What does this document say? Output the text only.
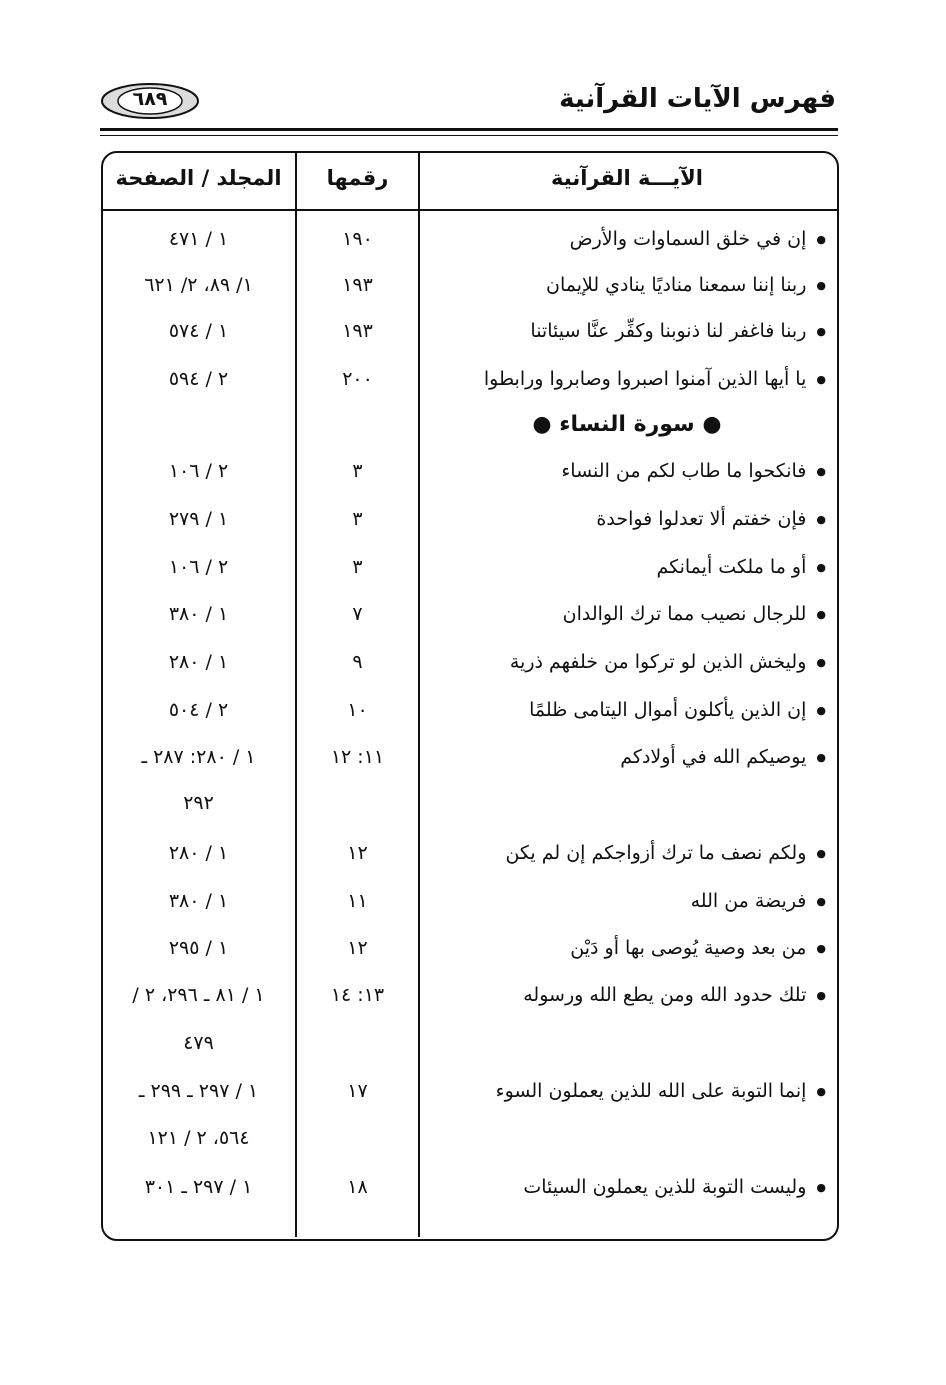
فهرس الآيات القرآنية
٦٨٩
الآيـــة القرآنية
رقمها
المجلد / الصفحة
● إن في خلق السماوات والأرض
١٩٠
١ / ٤٧١
● ربنا إننا سمعنا مناديًا ينادي للإيمان
١٩٣
١/ ٨٩، ٢/ ٦٢١
● ربنا فاغفر لنا ذنوبنا وكفِّر عنَّا سيئاتنا
١٩٣
١ / ٥٧٤
● يا أيها الذين آمنوا اصبروا وصابروا ورابطوا
٢٠٠
٢ / ٥٩٤
● سورة النساء ●
● فانكحوا ما طاب لكم من النساء
٣
٢ / ١٠٦
● فإن خفتم ألا تعدلوا فواحدة
٣
١ / ٢٧٩
● أو ما ملكت أيمانكم
٣
٢ / ١٠٦
● للرجال نصيب مما ترك الوالدان
٧
١ / ٣٨٠
● وليخش الذين لو تركوا من خلفهم ذرية
٩
١ / ٢٨٠
● إن الذين يأكلون أموال اليتامى ظلمًا
١٠
٢ / ٥٠٤
● يوصيكم الله في أولادكم
١١: ١٢
١ / ٢٨٠: ٢٨٧ ـ
٢٩٢
● ولكم نصف ما ترك أزواجكم إن لم يكن
١٢
١ / ٢٨٠
● فريضة من الله
١١
١ / ٣٨٠
● من بعد وصية يُوصى بها أو دَيْن
١٢
١ / ٢٩٥
● تلك حدود الله ومن يطع الله ورسوله
١٣: ١٤
١ / ٨١ ـ ٢٩٦، ٢ /
٤٧٩
● إنما التوبة على الله للذين يعملون السوء
١٧
١ / ٢٩٧ ـ ٢٩٩ ـ
٥٦٤، ٢ / ١٢١
● وليست التوبة للذين يعملون السيئات
١٨
١ / ٢٩٧ ـ ٣٠١
